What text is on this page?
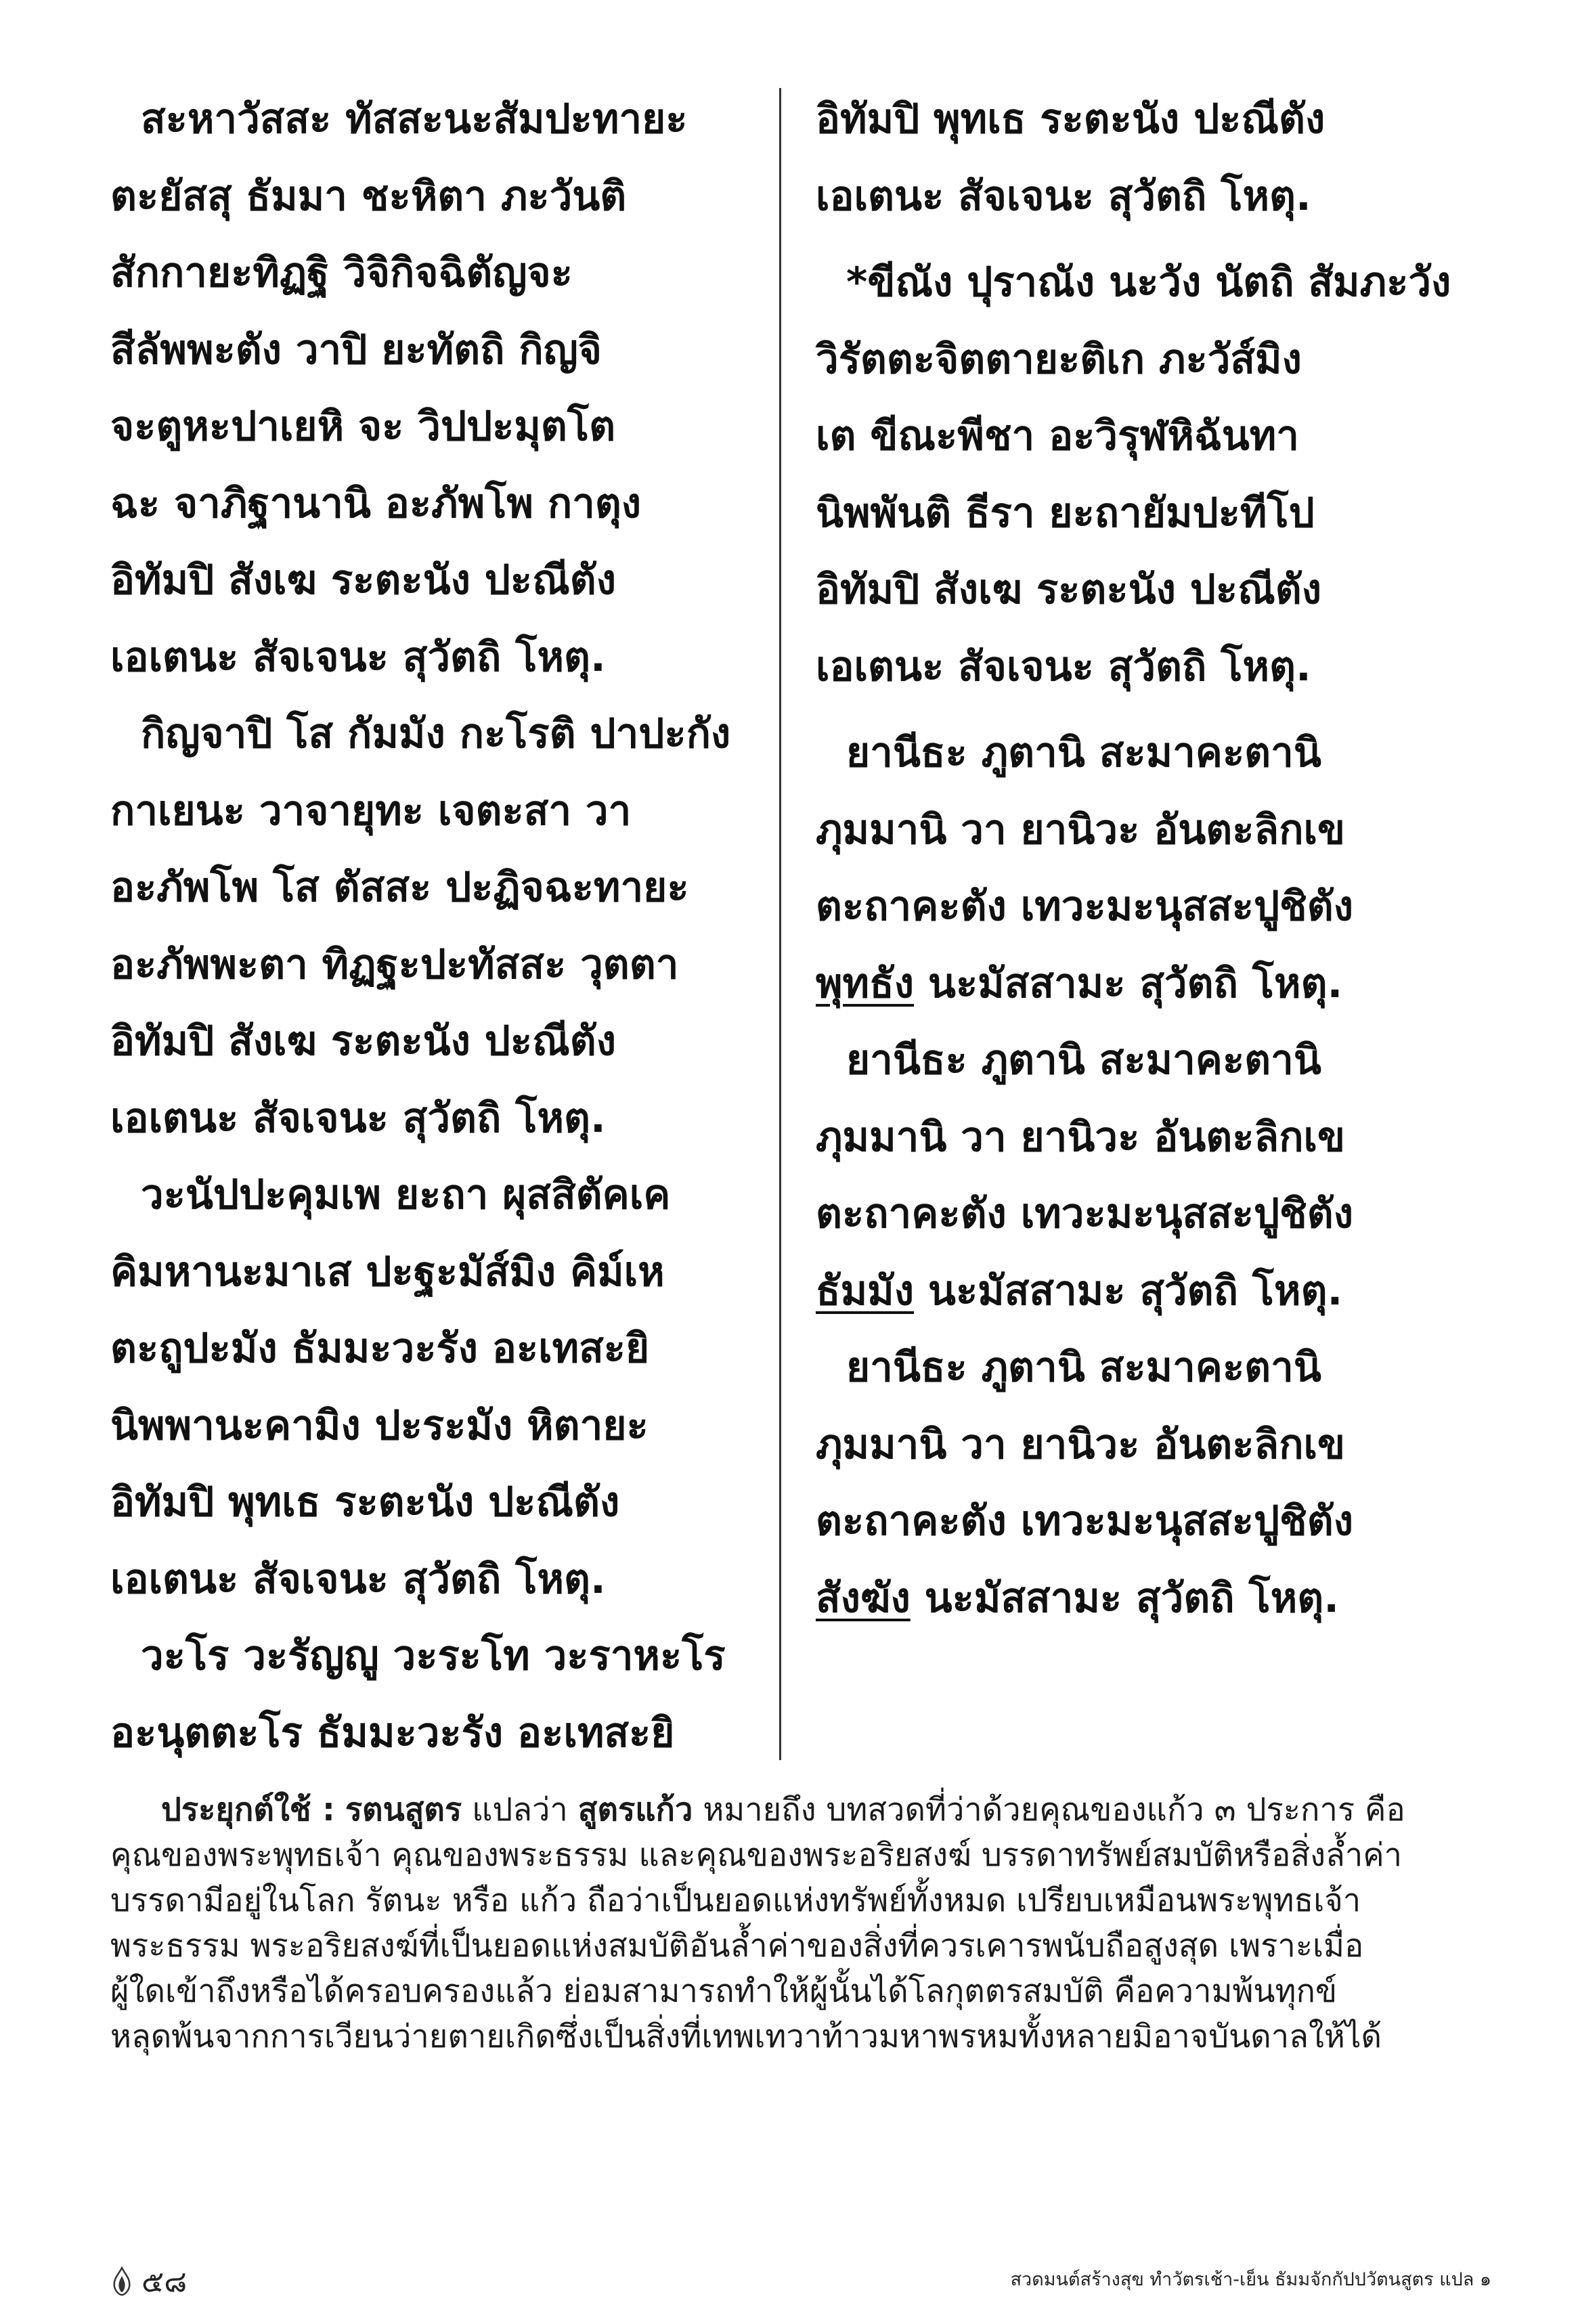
สะหาวัสสะ ทัสสะนะสัมปะทายะ
ตะยัสสุ ธัมมา ชะหิตา ภะวันติ
สักกายะทิฏฐิ วิจิกิจฉิตัญจะ
สีลัพพะตัง วาปิ ยะทัตถิ กิญจิ
จะตูหะปาเยหิ จะ วิปปะมุตโต
ฉะ จาภิฐานานิ อะภัพโพ กาตุง
อิทัมปิ สังเฆ ระตะนัง ปะณีตัง
เอเตนะ สัจเจนะ สุวัตถิ โหตุ.
กิญจาปิ โส กัมมัง กะโรติ ปาปะกัง
กาเยนะ วาจายุทะ เจตะสา วา
อะภัพโพ โส ตัสสะ ปะฏิจฉะทายะ
อะภัพพะตา ทิฏฐะปะทัสสะ วุตตา
อิทัมปิ สังเฆ ระตะนัง ปะณีตัง
เอเตนะ สัจเจนะ สุวัตถิ โหตุ.
วะนัปปะคุมเพ ยะถา ผุสสิตัคเค
คิมหานะมาเส ปะฐะมัส์มิง คิม์เห
ตะถูปะมัง ธัมมะวะรัง อะเทสะยิ
นิพพานะคามิง ปะระมัง หิตายะ
อิทัมปิ พุทเธ ระตะนัง ปะณีตัง
เอเตนะ สัจเจนะ สุวัตถิ โหตุ.
วะโร วะรัญญู วะระโท วะราหะโร
อะนุตตะโร ธัมมะวะรัง อะเทสะยิ
อิทัมปิ พุทเธ ระตะนัง ปะณีตัง
เอเตนะ สัจเจนะ สุวัตถิ โหตุ.
*ขีณัง ปุราณัง นะวัง นัตถิ สัมภะวัง
วิรัตตะจิตตายะติเก ภะวัส์มิง
เต ขีณะพีชา อะวิรุฬหิฉันทา
นิพพันติ ธีรา ยะถายัมปะทีโป
อิทัมปิ สังเฆ ระตะนัง ปะณีตัง
เอเตนะ สัจเจนะ สุวัตถิ โหตุ.
ยานีธะ ภูตานิ สะมาคะตานิ
ภุมมานิ วา ยานิวะ อันตะลิกเข
ตะถาคะตัง เทวะมะนุสสะปูชิตัง
พุทธัง นะมัสสามะ สุวัตถิ โหตุ.
ยานีธะ ภูตานิ สะมาคะตานิ
ภุมมานิ วา ยานิวะ อันตะลิกเข
ตะถาคะตัง เทวะมะนุสสะปูชิตัง
ธัมมัง นะมัสสามะ สุวัตถิ โหตุ.
ยานีธะ ภูตานิ สะมาคะตานิ
ภุมมานิ วา ยานิวะ อันตะลิกเข
ตะถาคะตัง เทวะมะนุสสะปูชิตัง
สังฆัง นะมัสสามะ สุวัตถิ โหตุ.
ประยุกต์ใช้ : รตนสูตร แปลว่า สูตรแก้ว หมายถึง บทสวดที่ว่าด้วยคุณของแก้ว ๓ ประการ คือ
คุณของพระพุทธเจ้า คุณของพระธรรม และคุณของพระอริยสงฆ์ บรรดาทรัพย์สมบัติหรือสิ่งล้ำค่า
บรรดามีอยู่ในโลก รัตนะ หรือ แก้ว ถือว่าเป็นยอดแห่งทรัพย์ทั้งหมด เปรียบเหมือนพระพุทธเจ้า
พระธรรม พระอริยสงฆ์ที่เป็นยอดแห่งสมบัติอันล้ำค่าของสิ่งที่ควรเคารพนับถือสูงสุด เพราะเมื่อ
ผู้ใดเข้าถึงหรือได้ครอบครองแล้ว ย่อมสามารถทำให้ผู้นั้นได้โลกุตตรสมบัติ คือความพ้นทุกข์
หลุดพ้นจากการเวียนว่ายตายเกิดซึ่งเป็นสิ่งที่เทพเทวาท้าวมหาพรหมทั้งหลายมิอาจบันดาลให้ได้
๕๘	สวดมนต์สร้างสุข ทำวัตรเช้า-เย็น ธัมมจักกัปปวัตนสูตร แปล ๑
